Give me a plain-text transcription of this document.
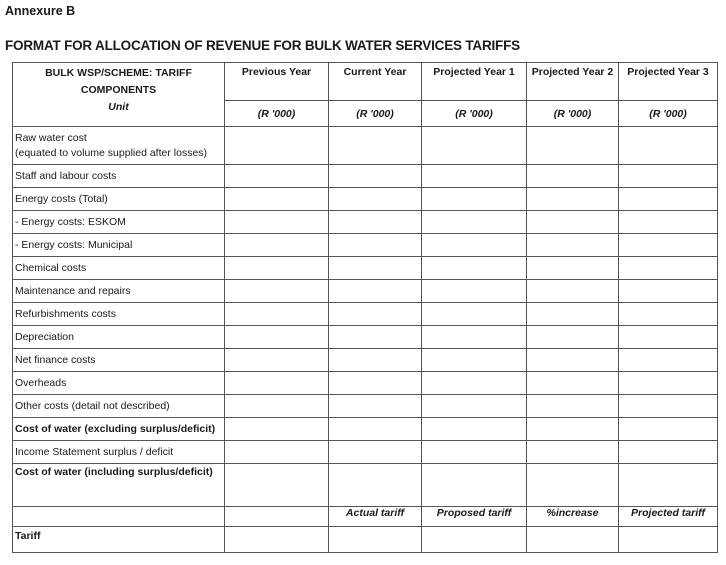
Annexure B
FORMAT FOR ALLOCATION OF REVENUE FOR BULK WATER SERVICES TARIFFS
BULK WSP/SCHEME: TARIFF
COMPONENTS
Unit	Previous Year	Current Year	Projected Year 1	Projected Year 2	Projected Year 3
	(R '000)	(R '000)	(R '000)	(R '000)	(R '000)

Raw water cost
(equated to volume supplied after losses)					

Staff and labour costs					
Energy costs (Total)					
- Energy costs: ESKOM					
- Energy costs: Municipal					
Chemical costs					
Maintenance and repairs					
Refurbishments costs					
Depreciation					
Net finance costs					
Overheads					
Other costs (detail not described)					
Cost of water (excluding surplus/deficit)					
Income Statement surplus / deficit					
Cost of water (including surplus/deficit)					
		Actual tariff	Proposed tariff	%increase	Projected tariff
Tariff					
